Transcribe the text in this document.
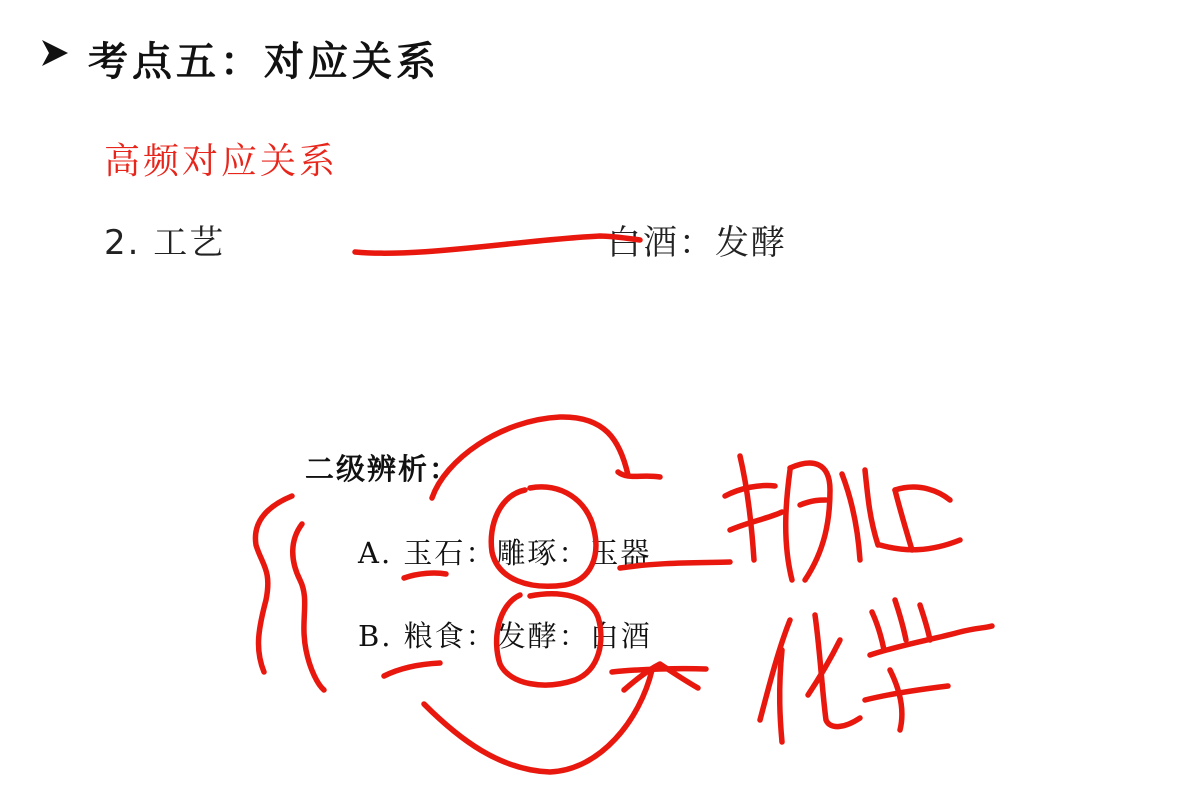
考点五：对应关系
高频对应关系
2. 工艺	白酒：发酵
二级辨析：
A. 玉石：雕琢：玉器
B. 粮食：发酵：白酒
